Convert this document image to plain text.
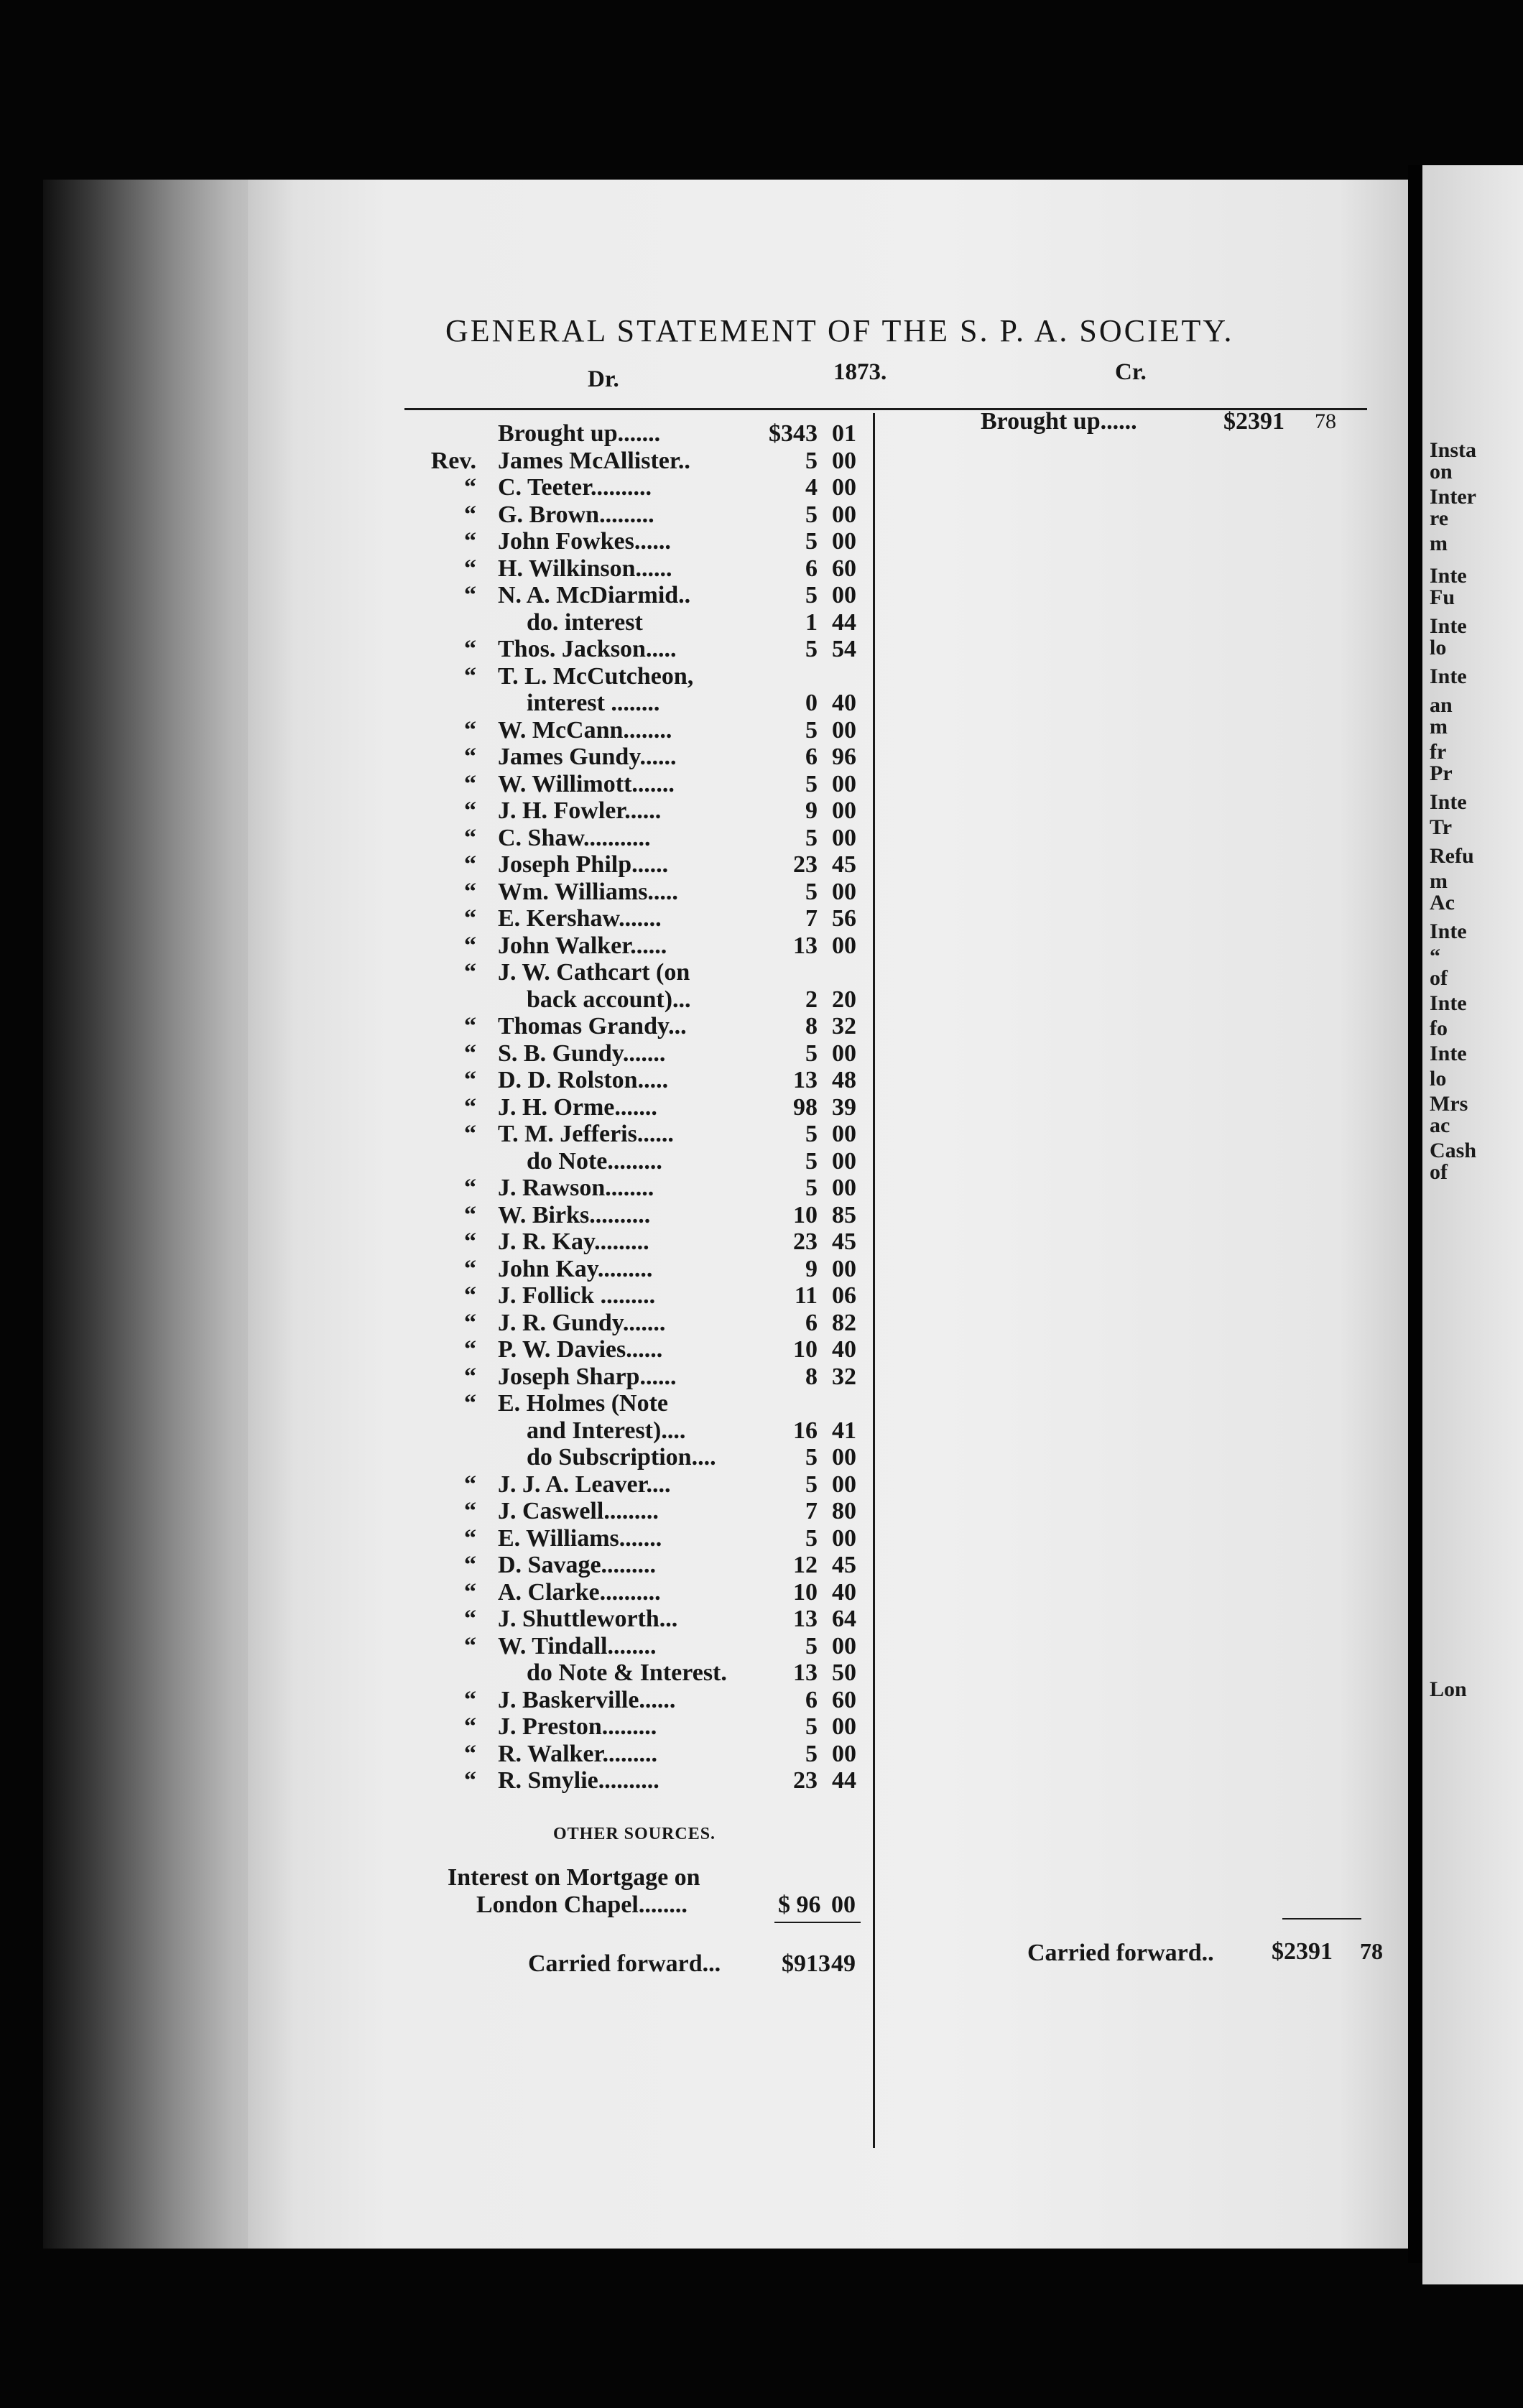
GENERAL STATEMENT OF THE S. P. A. SOCIETY.
Dr.	1873.	Cr.
Brought up.......	$343 01
Rev. James McAllister..	5 00
“ C. Teeter..........	4 00
“ G. Brown.........	5 00
“ John Fowkes......	5 00
“ H. Wilkinson......	6 60
“ N. A. McDiarmid..	5 00
do. interest	1 44
“ Thos. Jackson.....	5 54
“ T. L. McCutcheon,
interest ........	0 40
“ W. McCann........	5 00
“ James Gundy......	6 96
“ W. Willimott.......	5 00
“ J. H. Fowler......	9 00
“ C. Shaw...........	5 00
“ Joseph Philp......	23 45
“ Wm. Williams.....	5 00
“ E. Kershaw.......	7 56
“ John Walker......	13 00
“ J. W. Cathcart (on
back account)...	2 20
“ Thomas Grandy...	8 32
“ S. B. Gundy.......	5 00
“ D. D. Rolston.....	13 48
“ J. H. Orme.......	98 39
“ T. M. Jefferis......	5 00
do Note.........	5 00
“ J. Rawson........	5 00
“ W. Birks..........	10 85
“ J. R. Kay.........	23 45
“ John Kay.........	9 00
“ J. Follick .........	11 06
“ J. R. Gundy.......	6 82
“ P. W. Davies......	10 40
“ Joseph Sharp......	8 32
“ E. Holmes (Note
and Interest)....	16 41
do Subscription....	5 00
“ J. J. A. Leaver....	5 00
“ J. Caswell.........	7 80
“ E. Williams.......	5 00
“ D. Savage.........	12 45
“ A. Clarke..........	10 40
“ J. Shuttleworth...	13 64
“ W. Tindall........	5 00
do Note & Interest.	13 50
“ J. Baskerville......	6 60
“ J. Preston.........	5 00
“ R. Walker.........	5 00
“ R. Smylie..........	23 44
OTHER SOURCES.
Interest on Mortgage on
London Chapel........	$ 96 00
Carried forward... $913 49
Brought up......	$2391 78
Carried forward.. $2391 78
Insta
on
Inter
re
m
Inte
Fu
Inte
lo
Inte
an
m
fr
Pr
Inte
Tr
Refu
m
Ac
Inte
“
of
Inte
fo
Inte
lo
Mrs
ac
Cash
of
Lon
